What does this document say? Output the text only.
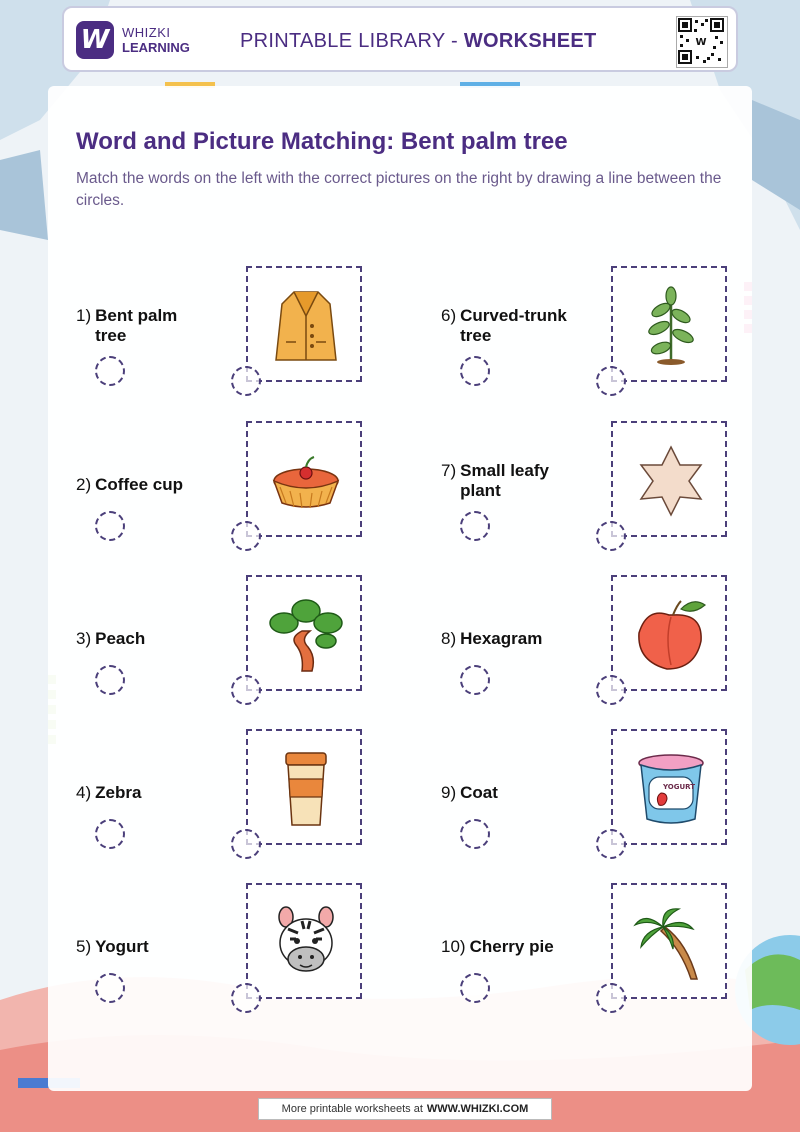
W WHIZKI
LEARNING	PRINTABLE LIBRARY - WORKSHEET	W
Word and Picture Matching: Bent palm tree

Match the words on the left with the correct pictures on the right by drawing a line between the circles.

1) Bent palm tree
2) Coffee cup
3) Peach
4) Zebra
5) Yogurt
6) Curved-trunk tree
7) Small leafy plant
8) Hexagram
9) Coat	YOGURT
10) Cherry pie
More printable worksheets at WWW.WHIZKI.COM
